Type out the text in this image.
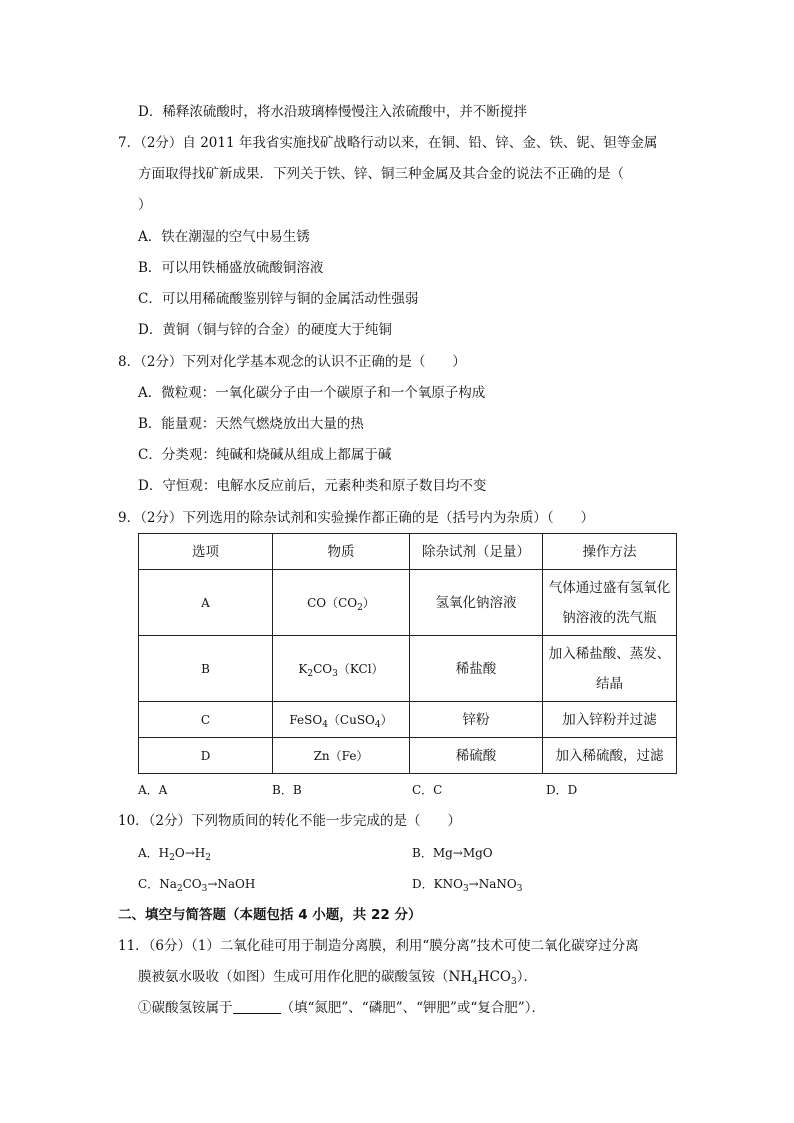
D．稀释浓硫酸时，将水沿玻璃棒慢慢注入浓硫酸中，并不断搅拌
7．（2分）自 2011 年我省实施找矿战略行动以来，在铜、铅、锌、金、铁、铌、钽等金属
方面取得找矿新成果．下列关于铁、锌、铜三种金属及其合金的说法不正确的是（
）
A．铁在潮湿的空气中易生锈
B．可以用铁桶盛放硫酸铜溶液
C．可以用稀硫酸鉴别锌与铜的金属活动性强弱
D．黄铜（铜与锌的合金）的硬度大于纯铜
8．（2分）下列对化学基本观念的认识不正确的是（　　）
A．微粒观：一氧化碳分子由一个碳原子和一个氧原子构成
B．能量观：天然气燃烧放出大量的热
C．分类观：纯碱和烧碱从组成上都属于碱
D．守恒观：电解水反应前后，元素种类和原子数目均不变
9．（2分）下列选用的除杂试剂和实验操作都正确的是（括号内为杂质）（　　）
选项	物质	除杂试剂（足量）	操作方法
A	$CO(CO_2)$	氢氧化钠溶液	气体通过盛有氢氧化
钠溶液的洗气瓶

B	$K_2CO_3(KCl)$	稀盐酸	加入稀盐酸、蒸发、
结晶

C	FeSO$_4$（CuSO$_4$）	锌粉	加入锌粉并过滤
D	Zn（Fe）	稀硫酸	加入稀硫酸，过滤
A．A	B．B	C．C	D．D
10．（2分）下列物质间的转化不能一步完成的是（　　）
A．$H_2O\to H_2$	B．Mg→MgO
C．$Na_2CO_3\to NaOH$	D．$KNO_3\to NaNO_3$
二、填空与简答题（本题包括 4 小题，共 22 分）
11．（6分）（1）二氧化硅可用于制造分离膜，利用“膜分离”技术可使二氧化碳穿过分离
膜被氨水吸收（如图）生成可用作化肥的碳酸氢铵$(NH_4HCO_3)$．
①碳酸氢铵属于	（填“氮肥”、“磷肥”、“钾肥”或“复合肥”）．
